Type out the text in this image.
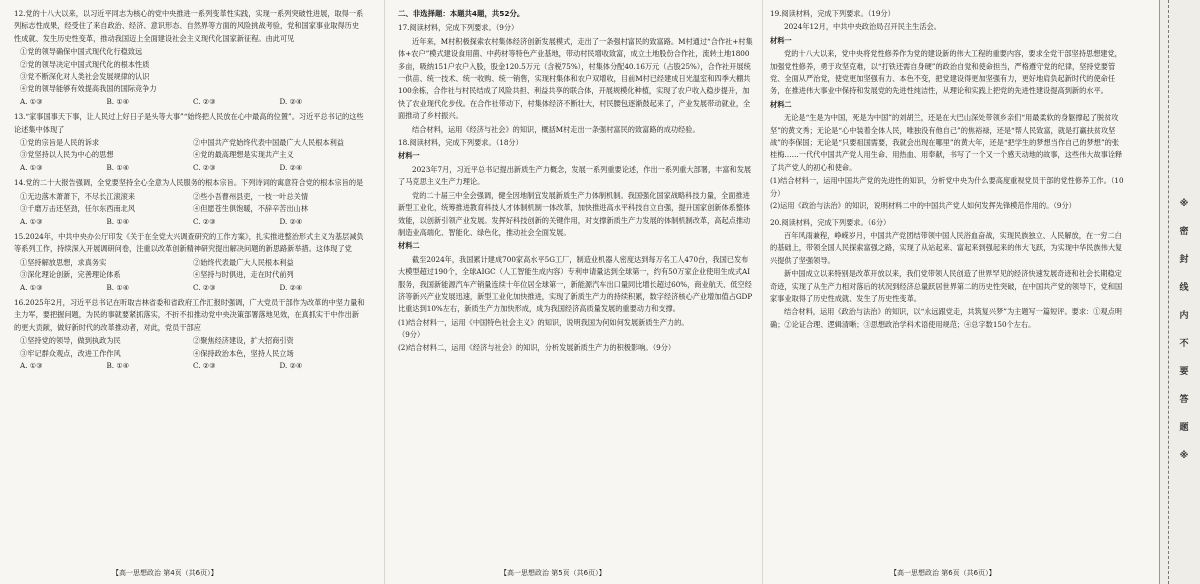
12.党的十八大以来，以习近平同志为核心的党中央推进一系列变革性实践，实现一系列突破性进展，取得一系列标志性成果，经受住了来自政治、经济、意识形态、自然界等方面的风险挑战考验，党和国家事业取得历史性成就、发生历史性变革，推动我国迈上全面建设社会主义现代化国家新征程。由此可见

①党的领导确保中国式现代化行稳致远

②党的领导决定中国式现代化的根本性质

③党不断深化对人类社会发展规律的认识

④党的领导能够有效提高我国的国际竞争力

A. ①③	B. ①④	C. ②③	D. ②④

13.“家事国事天下事，让人民过上好日子是头等大事”“始终把人民放在心中最高的位置”。习近平总书记的这些论述集中体现了

①党的宗旨是人民的诉求	②中国共产党始终代表中国最广大人民根本利益
③党坚持以人民为中心的思想	④党的最高理想是实现共产主义
A. ①③	B. ①④	C. ②③	D. ②④

14.党的二十大报告强调，全党要坚持全心全意为人民服务的根本宗旨。下列诗词的寓意符合党的根本宗旨的是

①无边落木萧萧下，不尽长江滚滚来	②些小吾曹州县吏，一枝一叶总关情
③千磨万击还坚劲，任尔东西南北风	④但愿苍生俱饱暖，不辞辛苦出山林
A. ①③	B. ①④	C. ②③	D. ②④

15.2024年，中共中央办公厅印发《关于在全党大兴调查研究的工作方案》，扎实推进整治形式主义为基层减负等系列工作，持续深入开展调研问卷，注重以改革创新精神研究提出解决问题的新思路新举措。这体现了党

①坚持解放思想，求真务实	②始终代表最广大人民根本利益
③深化理论创新，完善理论体系	④坚持与时俱进，走在时代前列
A. ①③	B. ①④	C. ②③	D. ②④

16.2025年2月，习近平总书记在听取吉林省委和省政府工作汇报时强调，广大党员干部作为改革的中坚力量和主力军，要把握问题，为民的事就要紧抓落实，不折不扣推动党中央决策部署落地见效，在真抓实干中作出新的更大贡献，做好新时代的改革推动者，对此，党员干部应

①坚持党的领导，做到执政为民	②聚焦经济建设，扩大招商引资
③牢记群众观点，改进工作作风	④保持政治本色，坚持人民立场
A. ①③	B. ①④	C. ②③	D. ②④

二、非选择题：本题共4题，共52分。

17.阅读材料，完成下列要求。（9分）

近年来，M村积极探索农村集体经济创新发展模式，走出了一条强村富民的致富路。M村通过“合作社+村集体+农户”模式建设食用菌、中药材等特色产业基地，带动村民增收致富，成立土地股份合作社，流转土地1800多亩，吸纳151户农户入股，股金120.5万元（含税75%），村集体分配40.16万元（占股25%），合作社开展统一供苗、统一技术、统一收购、统一销售，实现村集体和农户双增收，目前M村已经建成日光温室和四季大棚共100余栋，合作社与村民结成了风险共担、利益共享的联合体，开展规模化种植，实现了农户收入稳步提升，加快了农业现代化步伐。在合作社带动下，村集体经济不断壮大，村民腰包逐渐鼓起来了，产业发展带动就业，全面推动了乡村振兴。

结合材料，运用《经济与社会》的知识，概括M村走出一条强村富民的致富路的成功经验。

18.阅读材料，完成下列要求。（18分）

材料一

2023年7月，习近平总书记提出新质生产力概念，发展一系列重要论述，作出一系列重大部署，丰富和发展了马克思主义生产力理论。

党的二十届三中全会强调，健全因地制宜发展新质生产力体制机制。我国强化国家战略科技力量，全面推进新型工业化，统筹推进教育科技人才体制机制一体改革，加快推进高水平科技自立自强，提升国家创新体系整体效能，以创新引领产业发展。发挥好科技创新的关键作用，对支撑新质生产力发展的体制机制改革，高起点推动制造业高端化、智能化、绿色化，推动社会全面发展。

材料二

截至2024年，我国累计建成700家高水平5G工厂，制造业机器人密度达到每万名工人470台，我国已发布大模型超过190个，全球AIGC（人工智能生成内容）专利申请量达到全球第一，约有50万家企业使用生成式AI服务，我国新能源汽车产销量连续十年位居全球第一，新能源汽车出口量同比增长超过60%，商业航天、低空经济等新兴产业发展迅速，新型工业化加快推进，实现了新质生产力的持续积累，数字经济核心产业增加值占GDP比重达到10%左右，新质生产力加快形成，成为我国经济高质量发展的重要动力和支撑。

(1)结合材料一，运用《中国特色社会主义》的知识，说明我国为何如何发展新质生产力的。

（9分）

(2)结合材料二，运用《经济与社会》的知识，分析发展新质生产力的积极影响。（9分）

19.阅读材料，完成下列要求。（19分）

2024年12月，中共中央政治局召开民主生活会。

材料一

党的十八大以来，党中央将党性修养作为党的建设新的伟大工程的重要内容，要求全党干部坚持思想建党，加强党性修养，勇于攻坚克难，以“打铁还需自身硬”的政治自觉和使命担当，严格遵守党的纪律，坚持党要管党、全面从严治党，使党更加坚强有力、本色不变，把党建设得更加坚强有力，更好地肩负起新时代的使命任务，在推进伟大事业中保持和发展党的先进性纯洁性，从理论和实践上把党的先进性建设提高到新的水平。

材料二

无论是“生是为中国，死是为中国”的刘胡兰，还是在大巴山深处带领乡亲们“用最柔软的身躯撑起了脱贫攻坚”的黄文秀；无论是“心中装着全体人民，唯独没有他自己”的焦裕禄，还是“帮人民致富，就是打赢扶贫攻坚战”的李保国；无论是“只要祖国需要，我就会出现在哪里”的黄大年，还是“把学生的梦想当作自己的梦想”的张桂梅……一代代中国共产党人用生命、用热血、用奉献，书写了一个又一个感天动地的故事，这些伟大故事诠释了共产党人的初心和使命。

(1)结合材料一，运用中国共产党的先进性的知识，分析党中央为什么要高度重视党员干部的党性修养工作。（10分）

(2)运用《政治与法治》的知识，说明材料二中的中国共产党人如何发挥先锋模范作用的。（9分）

20.阅读材料，完成下列要求。（6分）

百年风雨兼程，峥嵘岁月，中国共产党团结带领中国人民浴血奋战，实现民族独立、人民解放，在一穷二白的基础上，带领全国人民探索富强之路，实现了从站起来、富起来到强起来的伟大飞跃，为实现中华民族伟大复兴提供了坚强领导。

新中国成立以来特别是改革开放以来，我们党带领人民创造了世界罕见的经济快速发展奇迹和社会长期稳定奇迹，实现了从生产力相对落后的状况到经济总量跃居世界第二的历史性突破，在中国共产党的领导下，党和国家事业取得了历史性成就、发生了历史性变革。

结合材料，运用《政治与法治》的知识，以“永远跟党走，共筑复兴梦”为主题写一篇短评。要求：①观点明确；②论证合理、逻辑清晰；③思想政治学科术语使用规范；④总字数150个左右。

【高一思想政治 第4页（共6页）】	【高一思想政治 第5页（共6页）】	【高一思想政治 第6页（共6页）】
※
密
封
线
内
不
要
答
题
※
